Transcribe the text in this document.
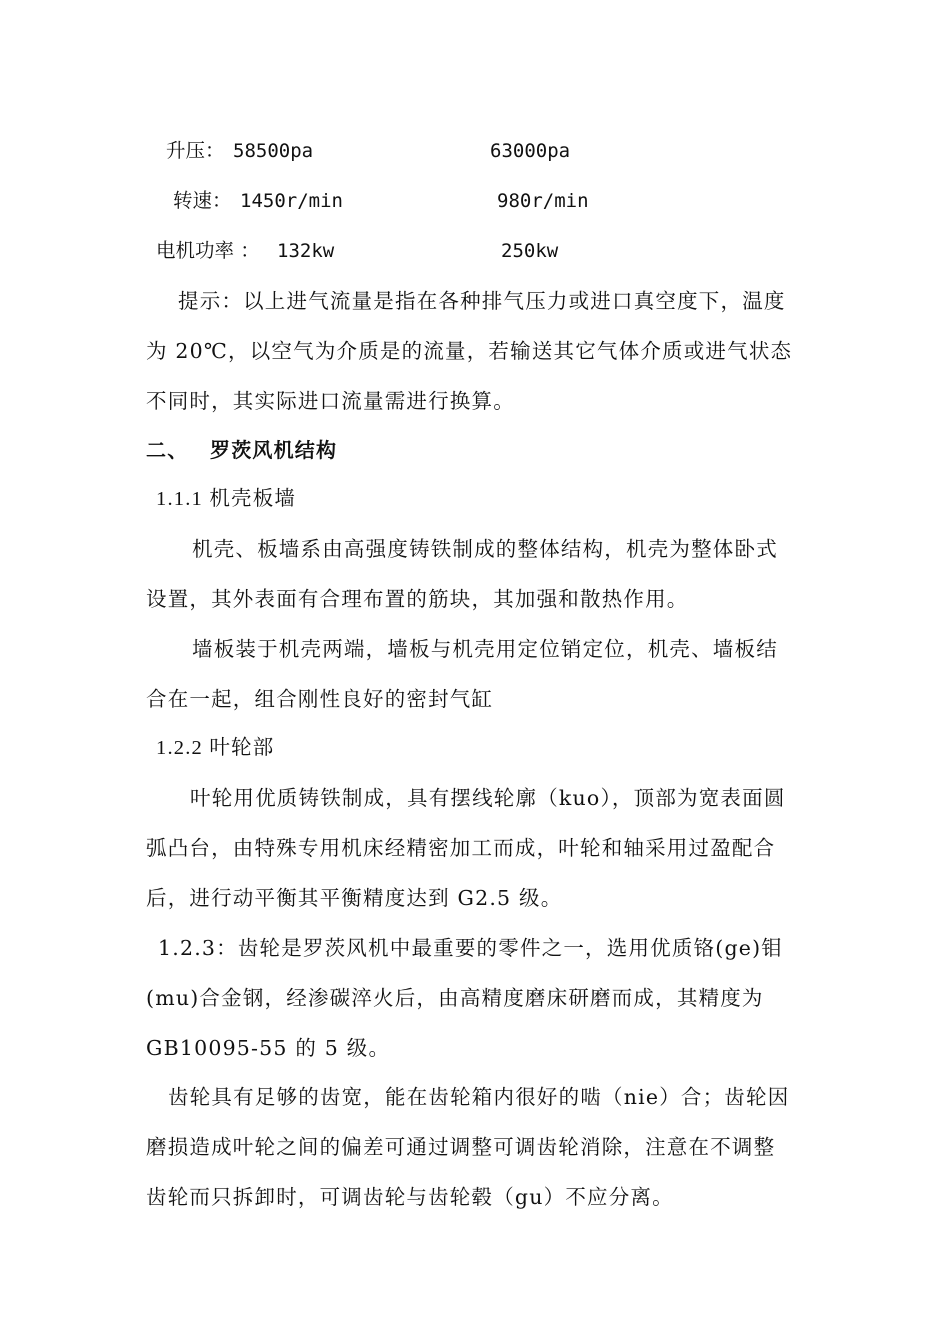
升压： 58500pa	63000pa
转速： 1450r/min	980r/min
电机功率 ： 132kw	250kw
提示：以上进气流量是指在各种排气压力或进口真空度下，温度
为 20℃，以空气为介质是的流量，若输送其它气体介质或进气状态
不同时，其实际进口流量需进行换算。
二、 罗茨风机结构
1.1.1 机壳板墙
机壳、板墙系由高强度铸铁制成的整体结构，机壳为整体卧式
设置，其外表面有合理布置的筋块，其加强和散热作用。
墙板装于机壳两端，墙板与机壳用定位销定位，机壳、墙板结
合在一起，组合刚性良好的密封气缸
1.2.2 叶轮部
叶轮用优质铸铁制成，具有摆线轮廓（kuo），顶部为宽表面圆
弧凸台，由特殊专用机床经精密加工而成，叶轮和轴采用过盈配合
后，进行动平衡其平衡精度达到 G2.5 级。
1.2.3：齿轮是罗茨风机中最重要的零件之一，选用优质铬(ge)钼
(mu)合金钢，经渗碳淬火后，由高精度磨床研磨而成，其精度为
GB10095-55 的 5 级。
齿轮具有足够的齿宽，能在齿轮箱内很好的啮（nie）合；齿轮因
磨损造成叶轮之间的偏差可通过调整可调齿轮消除，注意在不调整
齿轮而只拆卸时，可调齿轮与齿轮毂（gu）不应分离。
